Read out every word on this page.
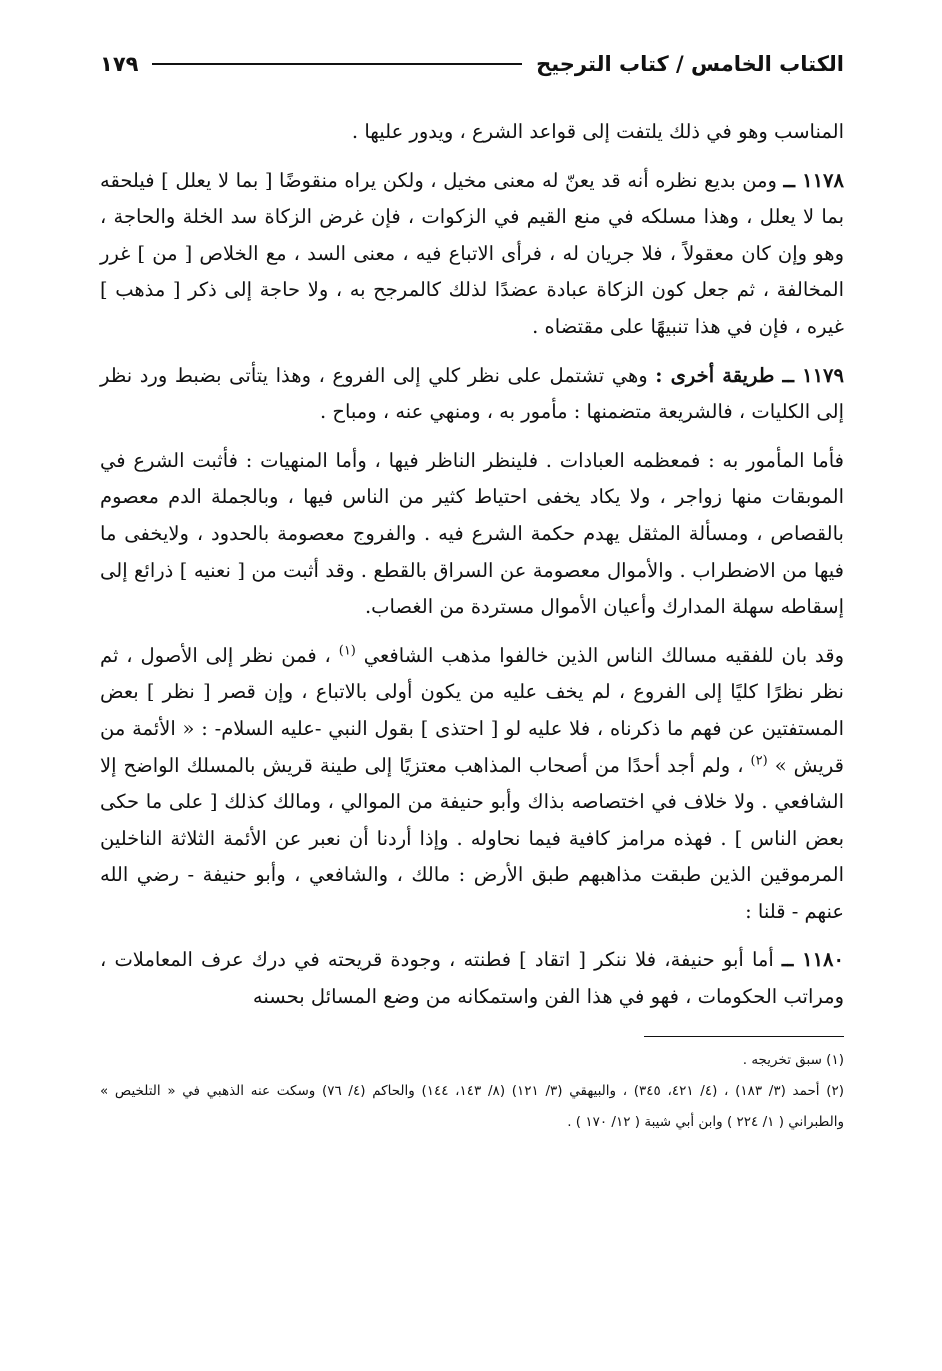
الكتاب الخامس / كتاب الترجيح
١٧٩

المناسب وهو في ذلك يلتفت إلى قواعد الشرع ، ويدور عليها .

١١٧٨ ــ ومن بديع نظره أنه قد يعنّ له معنى مخيل ، ولكن يراه منقوضًا [ بما لا يعلل ] فيلحقه بما لا يعلل ، وهذا مسلكه في منع القيم في الزكوات ، فإن غرض الزكاة سد الخلة والحاجة ، وهو وإن كان معقولاً ، فلا جريان له ، فرأى الاتباع فيه ، معنى السد ، مع الخلاص [ من ] غرر المخالفة ، ثم جعل كون الزكاة عبادة عضدًا لذلك كالمرجح به ، ولا حاجة إلى ذكر [ مذهب ] غيره ، فإن في هذا تنبيهًا على مقتضاه .

١١٧٩ ــ طريقة أخرى : وهي تشتمل على نظر كلي إلى الفروع ، وهذا يتأتى بضبط ورد نظر إلى الكليات ، فالشريعة متضمنها : مأمور به ، ومنهي عنه ، ومباح .

فأما المأمور به : فمعظمه العبادات . فلينظر الناظر فيها ، وأما المنهيات : فأثبت الشرع في الموبقات منها زواجر ، ولا يكاد يخفى احتياط كثير من الناس فيها ، وبالجملة الدم معصوم بالقصاص ، ومسألة المثقل يهدم حكمة الشرع فيه . والفروج معصومة بالحدود ، ولايخفى ما فيها من الاضطراب . والأموال معصومة عن السراق بالقطع . وقد أثبت من [ نعنيه ] ذرائع إلى إسقاطه سهلة المدارك وأعيان الأموال مستردة من الغصاب.

وقد بان للفقيه مسالك الناس الذين خالفوا مذهب الشافعي $^{(١)}$ ، فمن نظر إلى الأصول ، ثم نظر نظرًا كليًا إلى الفروع ، لم يخف عليه من يكون أولى بالاتباع ، وإن قصر [ نظر ] بعض المستفتين عن فهم ما ذكرناه ، فلا عليه لو [ احتذى ] بقول النبي -عليه السلام- : « الأئمة من قريش » $^{(٢)}$ ، ولم أجد أحدًا من أصحاب المذاهب معتزيًا إلى طينة قريش بالمسلك الواضح إلا الشافعي . ولا خلاف في اختصاصه بذاك وأبو حنيفة من الموالي ، ومالك كذلك [ على ما حكى بعض الناس ] . فهذه مرامز كافية فيما نحاوله . وإذا أردنا أن نعبر عن الأئمة الثلاثة الناخلين المرموقين الذين طبقت مذاهبهم طبق الأرض : مالك ، والشافعي ، وأبو حنيفة - رضي الله عنهم - قلنا :

١١٨٠ ــ أما أبو حنيفة، فلا ننكر [ اتقاد ] فطنته ، وجودة قريحته في درك عرف المعاملات ، ومراتب الحكومات ، فهو في هذا الفن واستمكانه من وضع المسائل بحسنه

(١) سبق تخريجه .

(٢) أحمد (٣/ ١٨٣) ، (٤/ ٤٢١، ٣٤٥) ، والبيهقي (٣/ ١٢١) (٨/ ١٤٣، ١٤٤) والحاكم (٤/ ٧٦) وسكت عنه الذهبي في « التلخيص » والطبراني ( ١/ ٢٢٤ ) وابن أبي شيبة ( ١٢/ ١٧٠ ) .
